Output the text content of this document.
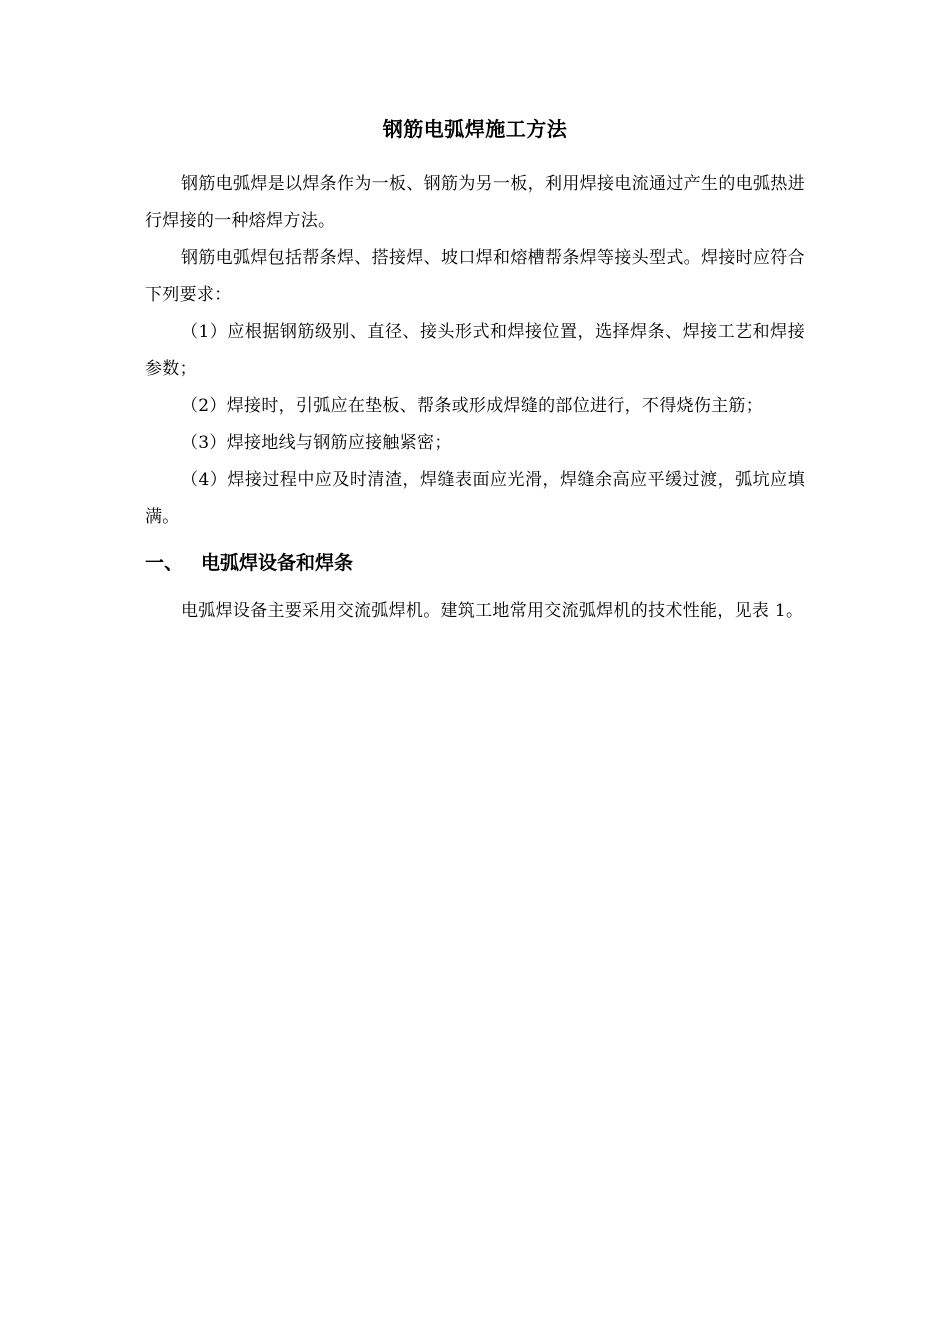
钢筋电弧焊施工方法

钢筋电弧焊是以焊条作为一板、钢筋为另一板，利用焊接电流通过产生的电弧热进行焊接的一种熔焊方法。

钢筋电弧焊包括帮条焊、搭接焊、坡口焊和熔槽帮条焊等接头型式。焊接时应符合下列要求：

（1）应根据钢筋级别、直径、接头形式和焊接位置，选择焊条、焊接工艺和焊接参数；

（2）焊接时，引弧应在垫板、帮条或形成焊缝的部位进行，不得烧伤主筋；

（3）焊接地线与钢筋应接触紧密；

（4）焊接过程中应及时清渣，焊缝表面应光滑，焊缝余高应平缓过渡，弧坑应填满。

一、 电弧焊设备和焊条

电弧焊设备主要采用交流弧焊机。建筑工地常用交流弧焊机的技术性能，见表 1。
